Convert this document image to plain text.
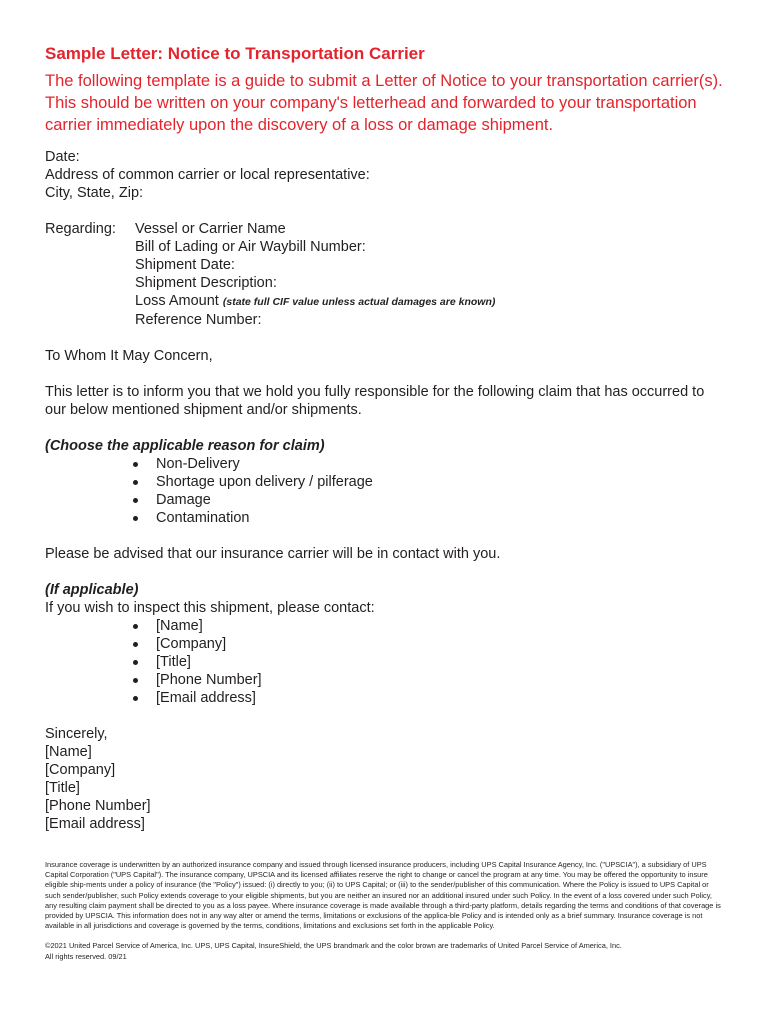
Sample Letter: Notice to Transportation Carrier
The following template is a guide to submit a Letter of Notice to your transportation carrier(s). This should be written on your company's letterhead and forwarded to your transportation carrier immediately upon the discovery of a loss or damage shipment.
Date:
Address of common carrier or local representative:
City, State, Zip:
Regarding:	Vessel or Carrier Name
Bill of Lading or Air Waybill Number:
Shipment Date:
Shipment Description:
Loss Amount (state full CIF value unless actual damages are known)
Reference Number:
To Whom It May Concern,
This letter is to inform you that we hold you fully responsible for the following claim that has occurred to our below mentioned shipment and/or shipments.
(Choose the applicable reason for claim)
Non-Delivery
Shortage upon delivery / pilferage
Damage
Contamination
Please be advised that our insurance carrier will be in contact with you.
(If applicable)
If you wish to inspect this shipment, please contact:
[Name]
[Company]
[Title]
[Phone Number]
[Email address]
Sincerely,
[Name]
[Company]
[Title]
[Phone Number]
[Email address]

Insurance coverage is underwritten by an authorized insurance company and issued through licensed insurance producers, including UPS Capital Insurance Agency, Inc. ("UPSCIA"), a subsidiary of UPS Capital Corporation ("UPS Capital"). The insurance company, UPSCIA and its licensed affiliates reserve the right to change or cancel the program at any time. You may be offered the opportunity to insure eligible ship-ments under a policy of insurance (the "Policy") issued: (i) directly to you; (ii) to UPS Capital; or (iii) to the sender/publisher of this communication. Where the Policy is issued to UPS Capital or such sender/publisher, such Policy extends coverage to your eligible shipments, but you are neither an insured nor an additional insured under such Policy. In the event of a loss covered under such Policy, any resulting claim payment shall be directed to you as a loss payee. Where insurance coverage is made available through a third-party platform, details regarding the terms and conditions of that coverage is provided by UPSCIA. This information does not in any way alter or amend the terms, limitations or exclusions of the applica-ble Policy and is intended only as a brief summary. Insurance coverage is not available in all jurisdictions and coverage is governed by the terms, conditions, limitations and exclusions set forth in the applicable Policy.

©2021 United Parcel Service of America, Inc. UPS, UPS Capital, InsureShield, the UPS brandmark and the color brown are trademarks of United Parcel Service of America, Inc.
All rights reserved. 09/21
